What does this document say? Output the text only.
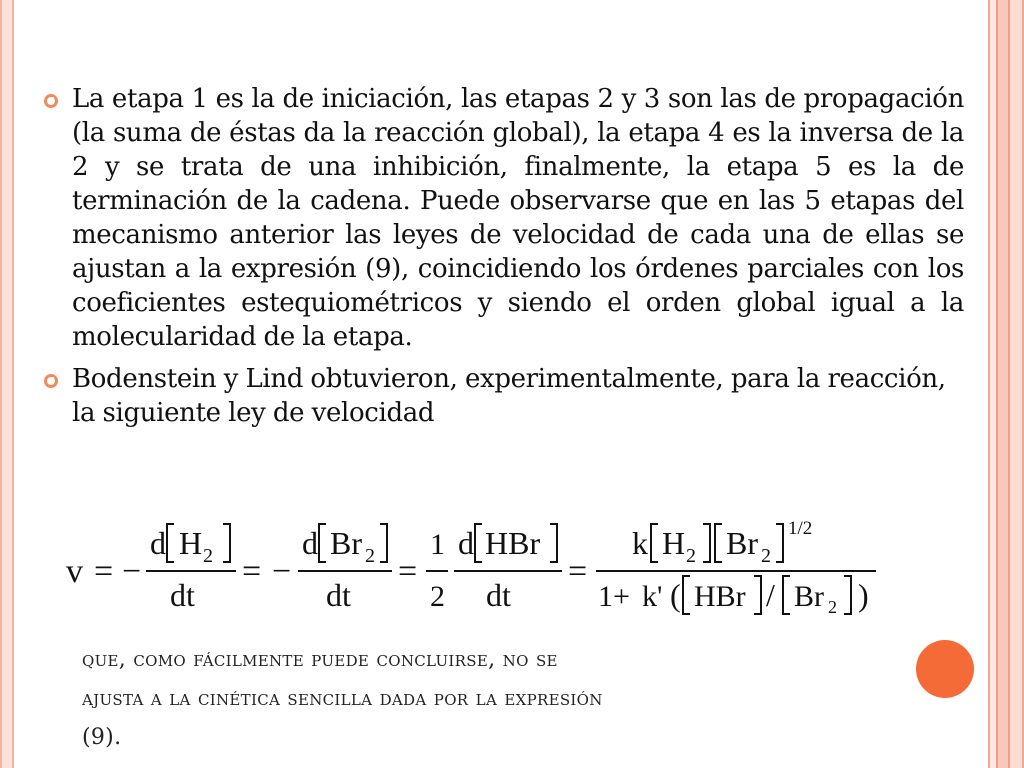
La etapa 1 es la de iniciación, las etapas 2 y 3 son las de propagación (la suma de éstas da la reacción global), la etapa 4 es la inversa de la 2 y se trata de una inhibición, finalmente, la etapa 5 es la de terminación de la cadena. Puede observarse que en las 5 etapas del mecanismo anterior las leyes de velocidad de cada una de ellas se ajustan a la expresión (9), coincidiendo los órdenes parciales con los coeficientes estequiométricos y siendo el orden global igual a la molecularidad de la etapa.
Bodenstein y Lind obtuvieron, experimentalmente, para la reacción, la siguiente ley de velocidad
v = −
d H 2
dt
= −
d Br 2
dt
=
1
2
d HBr
dt
=
k H 2 Br 2
1/2
1+ k' ( HBr / Br 2 )
que, como fácilmente puede concluirse, no se
ajusta a la cinética sencilla dada por la expresión
(9).
